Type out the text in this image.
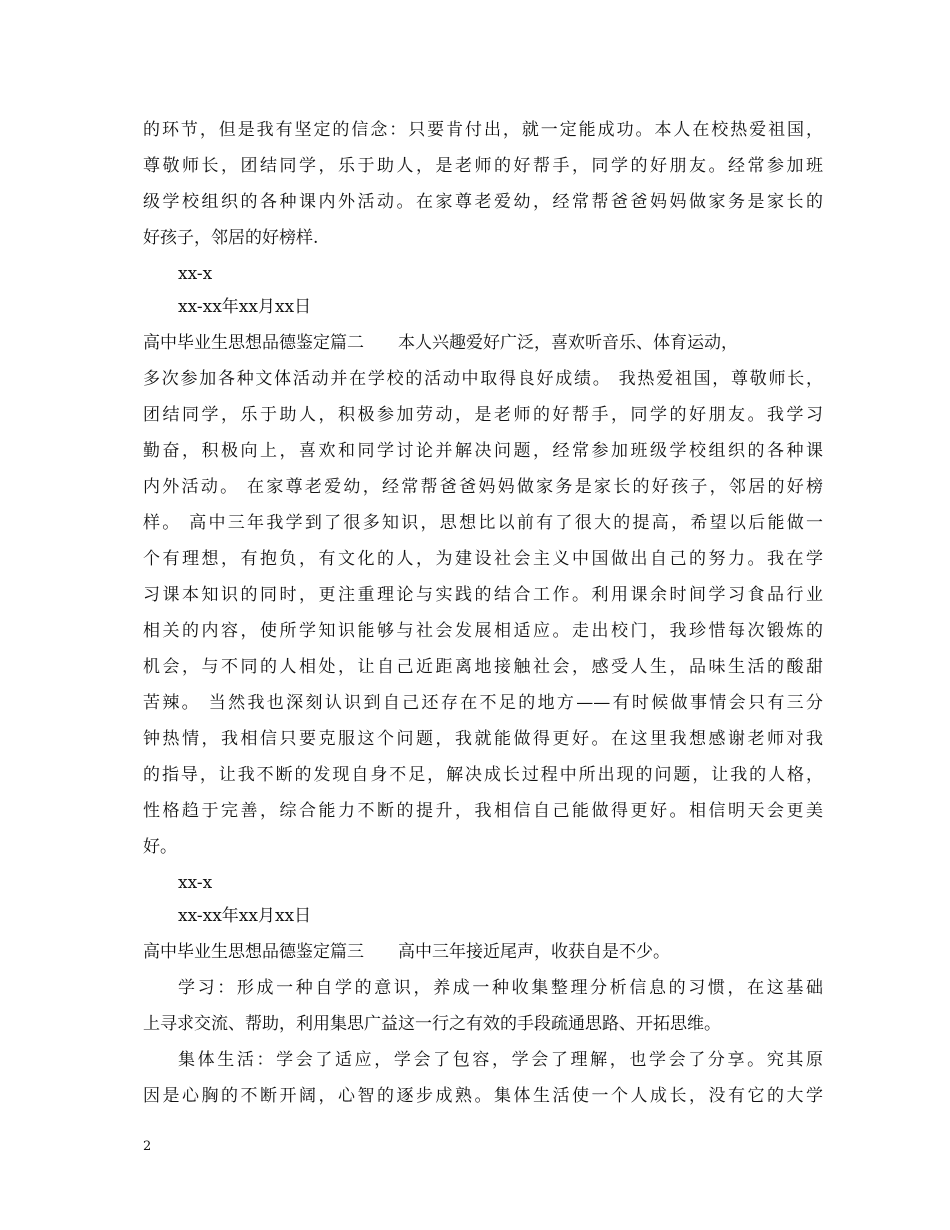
的环节，但是我有坚定的信念：只要肯付出，就一定能成功。本人在校热爱祖国，
尊敬师长，团结同学，乐于助人，是老师的好帮手，同学的好朋友。经常参加班
级学校组织的各种课内外活动。在家尊老爱幼，经常帮爸爸妈妈做家务是家长的
好孩子，邻居的好榜样.
xx-x
xx-xx年xx月xx日
高中毕业生思想品德鉴定篇二　　本人兴趣爱好广泛，喜欢听音乐、体育运动，
多次参加各种文体活动并在学校的活动中取得良好成绩。 我热爱祖国，尊敬师长，
团结同学，乐于助人，积极参加劳动，是老师的好帮手，同学的好朋友。我学习
勤奋，积极向上，喜欢和同学讨论并解决问题，经常参加班级学校组织的各种课
内外活动。 在家尊老爱幼，经常帮爸爸妈妈做家务是家长的好孩子，邻居的好榜
样。 高中三年我学到了很多知识，思想比以前有了很大的提高，希望以后能做一
个有理想，有抱负，有文化的人，为建设社会主义中国做出自己的努力。我在学
习课本知识的同时，更注重理论与实践的结合工作。利用课余时间学习食品行业
相关的内容，使所学知识能够与社会发展相适应。走出校门，我珍惜每次锻炼的
机会，与不同的人相处，让自己近距离地接触社会，感受人生，品味生活的酸甜
苦辣。 当然我也深刻认识到自己还存在不足的地方——有时候做事情会只有三分
钟热情，我相信只要克服这个问题，我就能做得更好。在这里我想感谢老师对我
的指导，让我不断的发现自身不足，解决成长过程中所出现的问题，让我的人格，
性格趋于完善，综合能力不断的提升，我相信自己能做得更好。相信明天会更美
好。
xx-x
xx-xx年xx月xx日
高中毕业生思想品德鉴定篇三　　高中三年接近尾声，收获自是不少。
学习：形成一种自学的意识，养成一种收集整理分析信息的习惯，在这基础
上寻求交流、帮助，利用集思广益这一行之有效的手段疏通思路、开拓思维。
集体生活：学会了适应，学会了包容，学会了理解，也学会了分享。究其原
因是心胸的不断开阔，心智的逐步成熟。集体生活使一个人成长，没有它的大学
2
